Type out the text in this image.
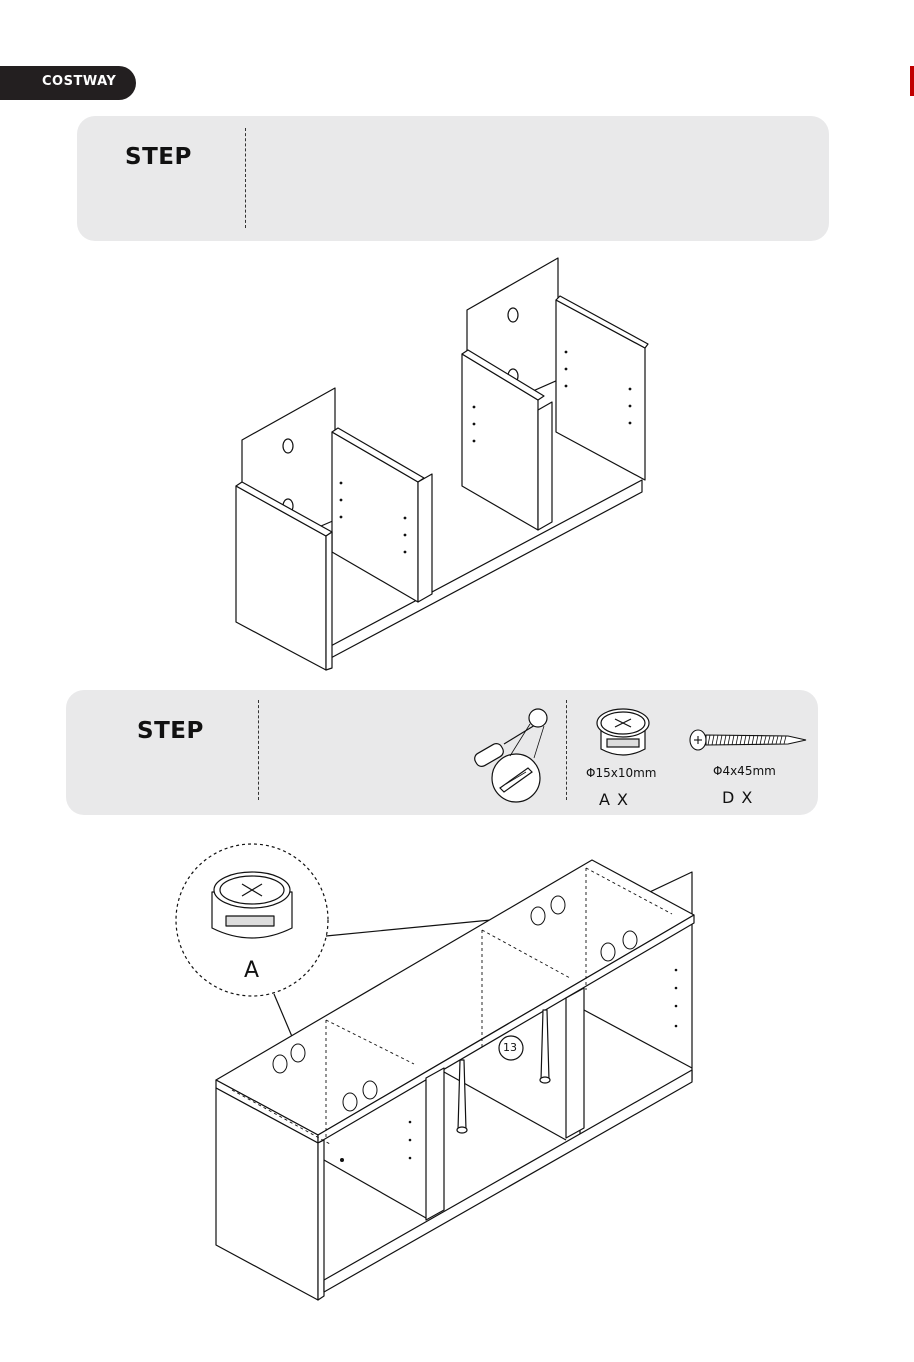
COSTWAY
STEP
STEP
Φ15x10mm
A X
Φ4x45mm
D X
A
13
